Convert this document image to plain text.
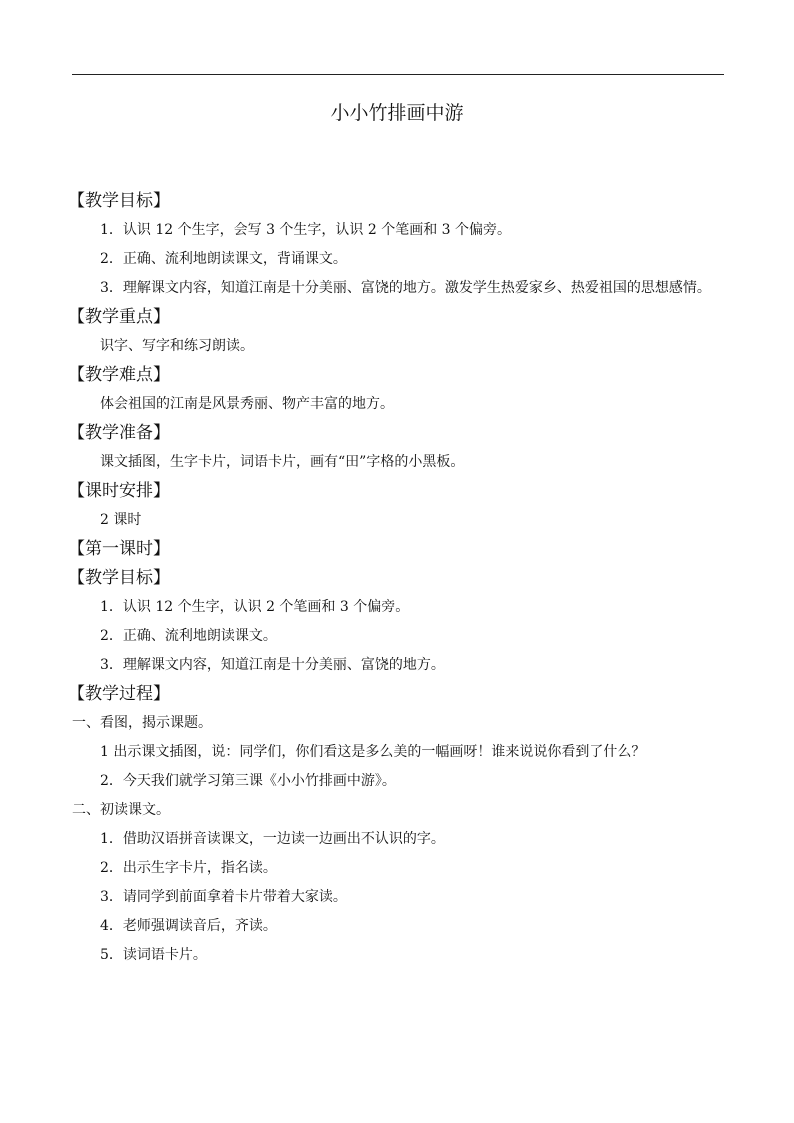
小小竹排画中游
【教学目标】
1．认识 12 个生字，会写 3 个生字，认识 2 个笔画和 3 个偏旁。
2．正确、流利地朗读课文，背诵课文。
3．理解课文内容，知道江南是十分美丽、富饶的地方。激发学生热爱家乡、热爱祖国的思想感情。
【教学重点】
识字、写字和练习朗读。
【教学难点】
体会祖国的江南是风景秀丽、物产丰富的地方。
【教学准备】
课文插图，生字卡片，词语卡片，画有“田”字格的小黑板。
【课时安排】
2 课时
【第一课时】
【教学目标】
1．认识 12 个生字，认识 2 个笔画和 3 个偏旁。
2．正确、流利地朗读课文。
3．理解课文内容，知道江南是十分美丽、富饶的地方。
【教学过程】
一、看图，揭示课题。
1 出示课文插图，说：同学们，你们看这是多么美的一幅画呀！谁来说说你看到了什么？
2．今天我们就学习第三课《小小竹排画中游》。
二、初读课文。
1．借助汉语拼音读课文，一边读一边画出不认识的字。
2．出示生字卡片，指名读。
3．请同学到前面拿着卡片带着大家读。
4．老师强调读音后，齐读。
5．读词语卡片。
